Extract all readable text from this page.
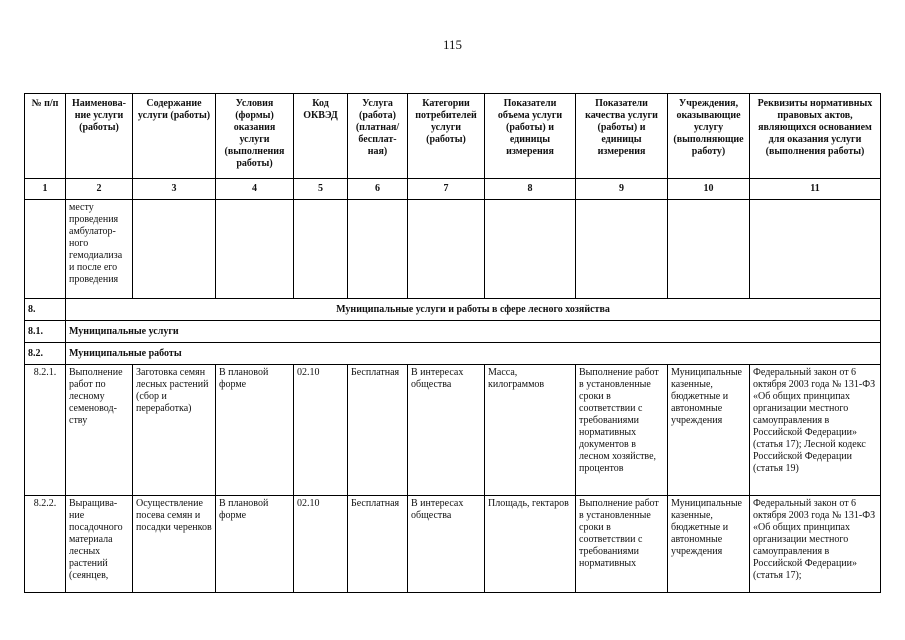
115
№ п/п	Наименова-ние услуги (работы)	Содержание услуги (работы)	Условия (формы) оказания услуги (выполнения работы)	Код ОКВЭД	Услуга (работа) (платная/ бесплат-ная)	Категории потребителей услуги (работы)	Показатели объема услуги (работы) и единицы измерения	Показатели качества услуги (работы) и единицы измерения	Учреждения, оказывающие услугу (выполняющие работу)	Реквизиты нормативных правовых актов, являющихся основанием для оказания услуги (выполнения работы)
1	2	3	4	5	6	7	8	9	10	11
	месту проведения амбулатор-ного гемодиализа и после его проведения									
8.	Муниципальные услуги и работы в сфере лесного хозяйства									
8.1.	Муниципальные услуги									
8.2.	Муниципальные работы									
8.2.1.	Выполнение работ по лесному семеновод-ству	Заготовка семян лесных растений (сбор и переработка)	В плановой форме	02.10	Бесплатная	В интересах общества	Масса, килограммов	Выполнение работ в установленные сроки в соответствии с требованиями нормативных документов в лесном хозяйстве, процентов	Муниципальные казенные, бюджетные и автономные учреждения	Федеральный закон от 6 октября 2003 года № 131-ФЗ «Об общих принципах организации местного самоуправления в Российской Федерации» (статья 17); Лесной кодекс Российской Федерации (статья 19)
8.2.2.	Выращива-ние посадочного материала лесных растений (сеянцев,	Осуществление посева семян и посадки черенков	В плановой форме	02.10	Бесплатная	В интересах общества	Площадь, гектаров	Выполнение работ в установленные сроки в соответствии с требованиями нормативных	Муниципальные казенные, бюджетные и автономные учреждения	Федеральный закон от 6 октября 2003 года № 131-ФЗ «Об общих принципах организации местного самоуправления в Российской Федерации» (статья 17);
